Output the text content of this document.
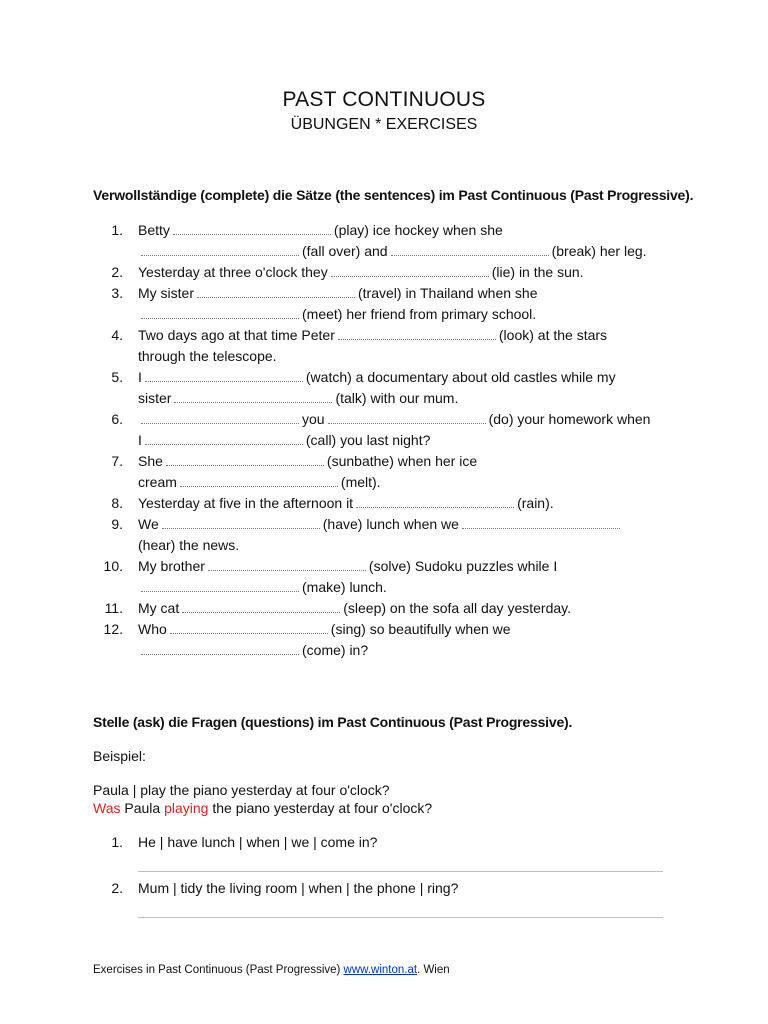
PAST CONTINUOUS
ÜBUNGEN * EXERCISES
Verwollständige (complete) die Sätze (the sentences) im Past Continuous (Past Progressive).
1. Betty	(play) ice hockey when she
(fall over) and	(break) her leg.
2. Yesterday at three o'clock they	(lie) in the sun.
3. My sister	(travel) in Thailand when she
(meet) her friend from primary school.
4. Two days ago at that time Peter	(look) at the stars
through the telescope.
5. I	(watch) a documentary about old castles while my
sister	(talk) with our mum.
6.	you	(do) your homework when
I	(call) you last night?
7. She	(sunbathe) when her ice
cream	(melt).
8. Yesterday at five in the afternoon it	(rain).
9. We	(have) lunch when we
(hear) the news.
10. My brother	(solve) Sudoku puzzles while I
(make) lunch.
11. My cat	(sleep) on the sofa all day yesterday.
12. Who	(sing) so beautifully when we
(come) in?
Stelle (ask) die Fragen (questions) im Past Continuous (Past Progressive).
Beispiel:
Paula | play the piano yesterday at four o'clock?
Was Paula playing the piano yesterday at four o'clock?
1. He | have lunch | when | we | come in?
2. Mum | tidy the living room | when | the phone | ring?
Exercises in Past Continuous (Past Progressive) www.winton.at. Wien
